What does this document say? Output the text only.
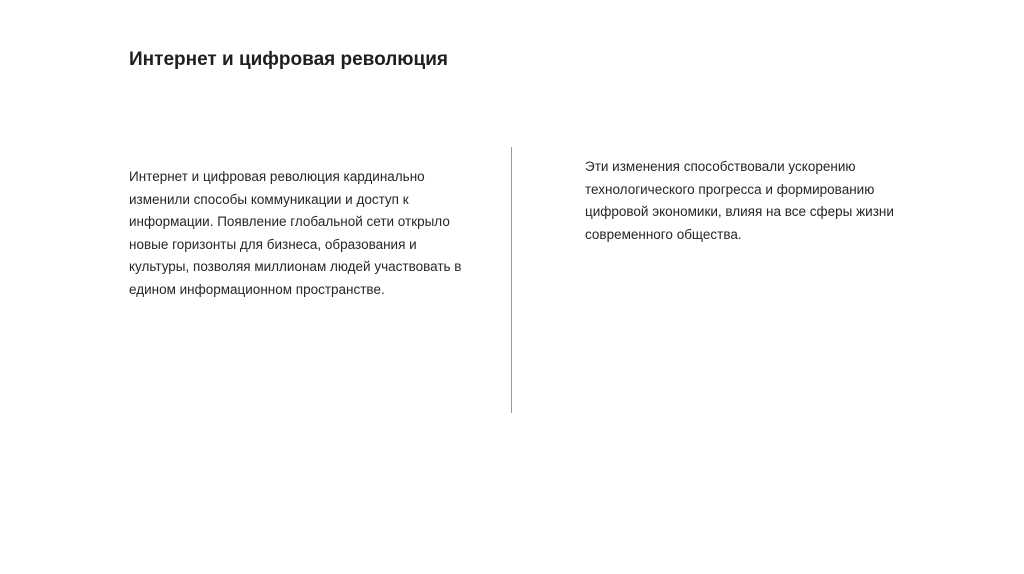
Интернет и цифровая революция

Интернет и цифровая революция кардинально изменили способы коммуникации и доступ к информации. Появление глобальной сети открыло новые горизонты для бизнеса, образования и культуры, позволяя миллионам людей участвовать в едином информационном пространстве.

Эти изменения способствовали ускорению технологического прогресса и формированию цифровой экономики, влияя на все сферы жизни современного общества.
